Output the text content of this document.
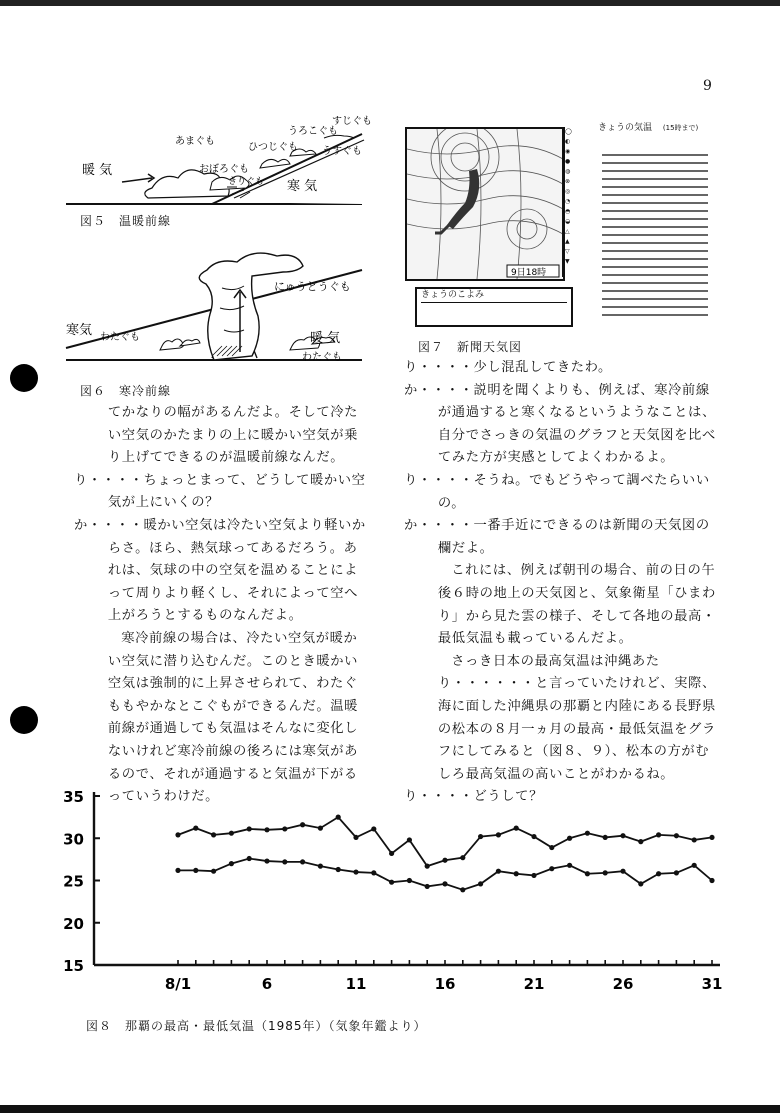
9
暖 気
寒 気
あまぐも
ひつじぐも
うろこぐも
すじぐも
うすぐも
おぼろぐも
きりぐも
図５　温暖前線
にゅうどうぐも
寒気 わたぐも	暖 気
わたぐも
図６　寒冷前線
9日18時
◯
◐
◉
●
◍
⊗
◎
◔
◓
◒
△
▲
▽
▼
きょうのこよみ
きょうの気温 (15時まで)
図７　新聞天気図

てかなりの幅があるんだよ。そして冷たい空気のかたまりの上に暖かい空気が乗り上げてできるのが温暖前線なんだ。

り・・・・ちょっとまって、どうして暖かい空気が上にいくの？

か・・・・暖かい空気は冷たい空気より軽いからさ。ほら、熱気球ってあるだろう。あれは、気球の中の空気を温めることによって周りより軽くし、それによって空へ上がろうとするものなんだよ。

寒冷前線の場合は、冷たい空気が暖かい空気に潜り込むんだ。このとき暖かい空気は強制的に上昇させられて、わたぐももやかなとこぐもができるんだ。温暖前線が通過しても気温はそんなに変化しないけれど寒冷前線の後ろには寒気があるので、それが通過すると気温が下がるっていうわけだ。

り・・・・少し混乱してきたわ。

か・・・・説明を聞くよりも、例えば、寒冷前線が通過すると寒くなるというようなことは、自分でさっきの気温のグラフと天気図を比べてみた方が実感としてよくわかるよ。

り・・・・そうね。でもどうやって調べたらいいの。

か・・・・一番手近にできるのは新聞の天気図の欄だよ。

これには、例えば朝刊の場合、前の日の午後６時の地上の天気図と、気象衛星「ひまわり」から見た雲の様子、そして各地の最高・最低気温も載っているんだよ。

さっき日本の最高気温は沖縄あたり・・・・・・と言っていたけれど、実際、海に面した沖縄県の那覇と内陸にある長野県の松本の８月一ヵ月の最高・最低気温をグラフにしてみると（図８、９）、松本の方がむしろ最高気温の高いことがわかるね。

り・・・・どうして？

15
20
25
30
35
8/1	6	11	16	21	26	31
図８　那覇の最高・最低気温（1985年）（気象年鑑より）
